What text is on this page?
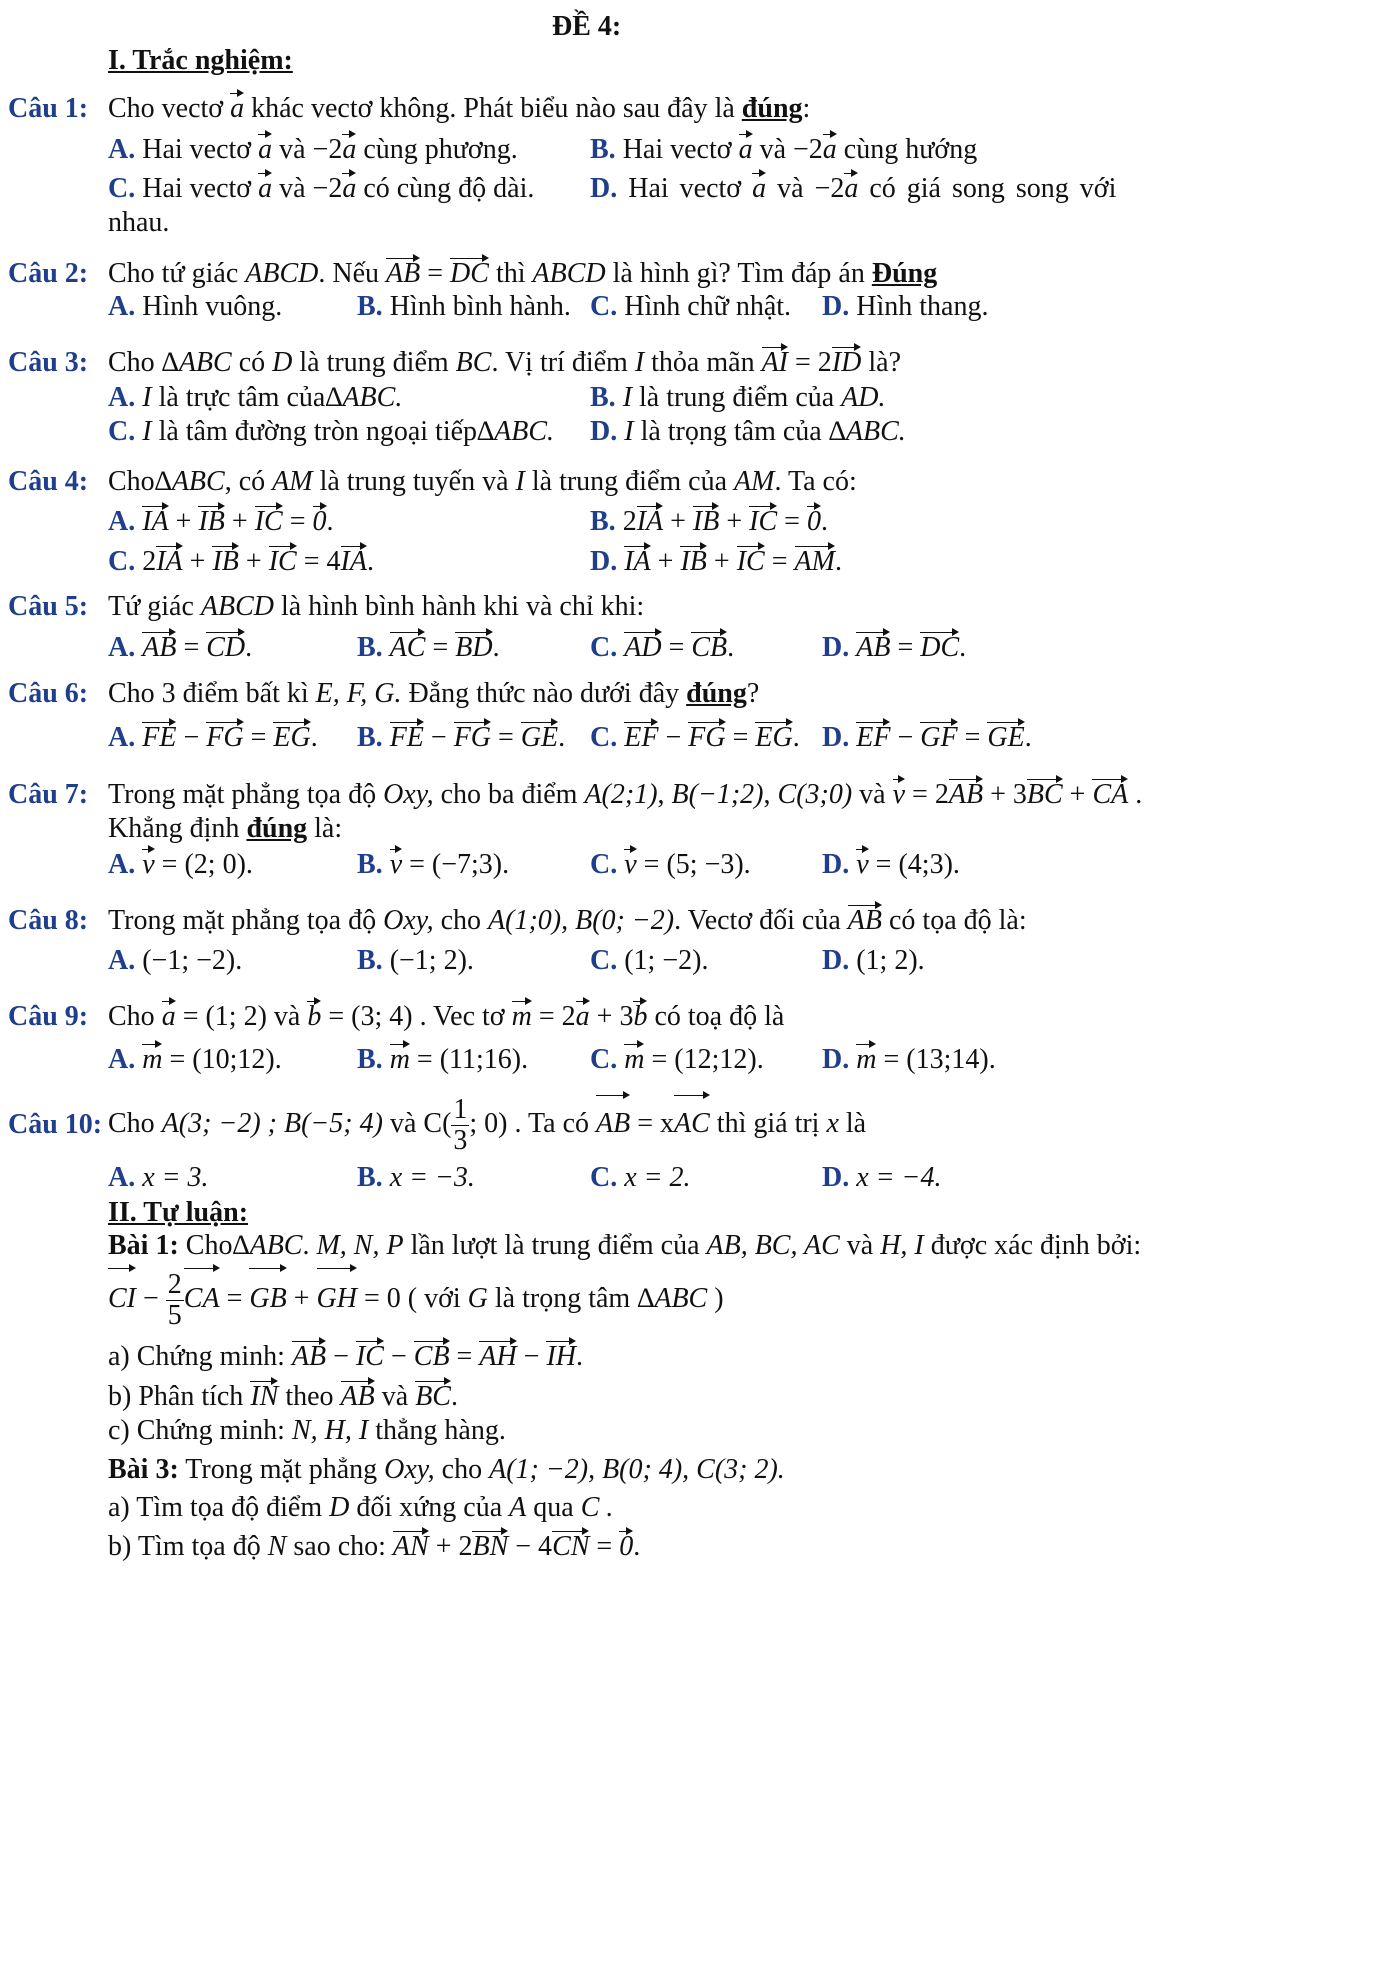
ĐỀ 4:
I. Trắc nghiệm:
Câu 1: Cho vectơ a khác vectơ không. Phát biểu nào sau đây là đúng:
A. Hai vectơ a và −2a cùng phương.	B. Hai vectơ a và −2a cùng hướng
C. Hai vectơ a và −2a có cùng độ dài. D. Hai vectơ a và −2a có giá song song với
nhau.
Câu 2: Cho tứ giác ABCD. Nếu AB = DC thì ABCD là hình gì? Tìm đáp án Đúng
A. Hình vuông.	B. Hình bình hành. C. Hình chữ nhật. D. Hình thang.
Câu 3: Cho ∆ABC có D là trung điểm BC. Vị trí điểm I thỏa mãn AI = 2ID là?
A. I là trực tâm của∆ABC.	B. I là trung điểm của AD.
C. I là tâm đường tròn ngoại tiếp∆ABC. D. I là trọng tâm của ∆ABC.
Câu 4: Cho∆ABC, có AM là trung tuyến và I là trung điểm của AM. Ta có:
A. IA + IB + IC = 0.	B. 2IA + IB + IC = 0.
C. 2IA + IB + IC = 4IA.	D. IA + IB + IC = AM.
Câu 5: Tứ giác ABCD là hình bình hành khi và chỉ khi:
A. AB = CD.	B. AC = BD.	C. AD = CB.	D. AB = DC.
Câu 6: Cho 3 điểm bất kì E, F, G. Đẳng thức nào dưới đây đúng?
A. FE − FG = EG. B. FE − FG = GE. C. EF − FG = EG. D. EF − GF = GE.
Câu 7: Trong mặt phẳng tọa độ Oxy, cho ba điểm A(2;1), B(−1;2), C(3;0) và v = 2AB + 3BC + CA .
Khẳng định đúng là:
A. v = (2; 0).	B. v = (−7;3).	C. v = (5; −3).	D. v = (4;3).
Câu 8: Trong mặt phẳng tọa độ Oxy, cho A(1;0), B(0; −2). Vectơ đối của AB có tọa độ là:
A. (−1; −2).	B. (−1; 2).	C. (1; −2).	D. (1; 2).
Câu 9: Cho a = (1; 2) và b = (3; 4) . Vec tơ m = 2a + 3b có toạ độ là
A. m = (10;12).	B. m = (11;16). C. m = (12;12). D. m = (13;14).
Câu 10: Cho A(3; −2) ; B(−5; 4) và $C( \frac{1}{3}$ ; 0) . Ta có AB = xAC thì giá trị x là
A. x = 3.	B. x = −3.	C. x = 2.	D. x = −4.
II. Tự luận:
Bài 1: Cho∆ABC. M, N, P lần lượt là trung điểm của AB, BC, AC và H, I được xác định bởi:
CI − $\frac{2}{5}$ CA = GB + GH = 0 ( với G là trọng tâm ∆ABC )
a) Chứng minh: AB − IC − CB = AH − IH.
b) Phân tích IN theo AB và BC.
c) Chứng minh: N, H, I thẳng hàng.
Bài 3: Trong mặt phẳng Oxy, cho A(1; −2), B(0; 4), C(3; 2).
a) Tìm tọa độ điểm D đối xứng của A qua C .
b) Tìm tọa độ N sao cho: AN + 2BN − 4CN = 0.
